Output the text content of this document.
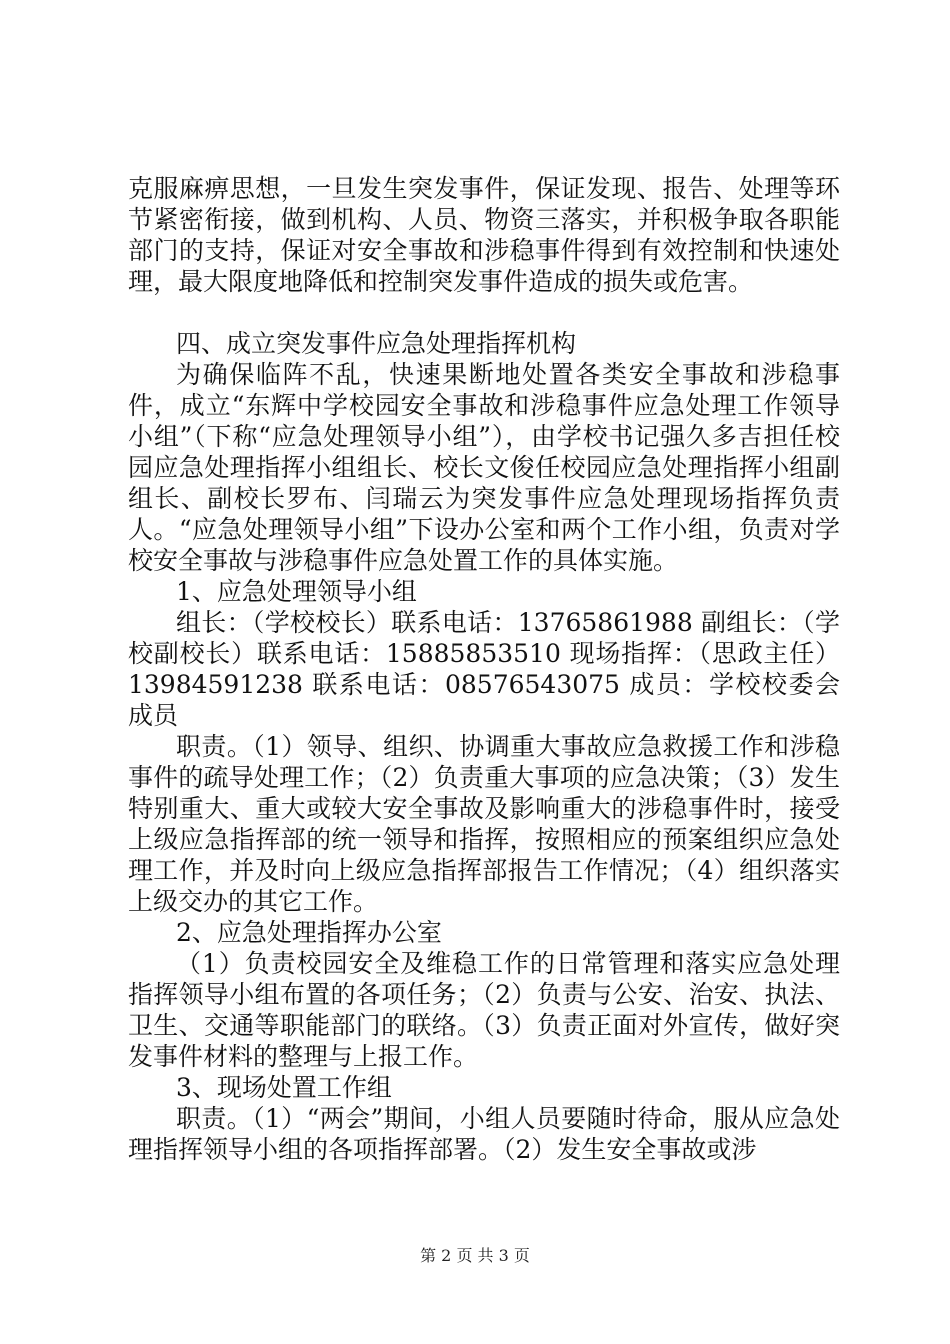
克服麻痹思想，一旦发生突发事件，保证发现、报告、处理等环节紧密衔接，做到机构、人员、物资三落实，并积极争取各职能部门的支持，保证对安全事故和涉稳事件得到有效控制和快速处理，最大限度地降低和控制突发事件造成的损失或危害。

四、成立突发事件应急处理指挥机构

为确保临阵不乱，快速果断地处置各类安全事故和涉稳事件，成立“东辉中学校园安全事故和涉稳事件应急处理工作领导小组”（下称“应急处理领导小组”），由学校书记强久多吉担任校园应急处理指挥小组组长、校长文俊任校园应急处理指挥小组副组长、副校长罗布、闫瑞云为突发事件应急处理现场指挥负责人。“应急处理领导小组”下设办公室和两个工作小组，负责对学校安全事故与涉稳事件应急处置工作的具体实施。

1、应急处理领导小组

组长：（学校校长）联系电话：13765861988 副组长：（学校副校长）联系电话：15885853510 现场指挥：（思政主任）13984591238 联系电话：08576543075 成员：学校校委会成员

职责。（1）领导、组织、协调重大事故应急救援工作和涉稳事件的疏导处理工作；（2）负责重大事项的应急决策；（3）发生特别重大、重大或较大安全事故及影响重大的涉稳事件时，接受上级应急指挥部的统一领导和指挥，按照相应的预案组织应急处理工作，并及时向上级应急指挥部报告工作情况；（4）组织落实上级交办的其它工作。

2、应急处理指挥办公室

（1）负责校园安全及维稳工作的日常管理和落实应急处理指挥领导小组布置的各项任务；（2）负责与公安、治安、执法、卫生、交通等职能部门的联络。（3）负责正面对外宣传，做好突发事件材料的整理与上报工作。

3、现场处置工作组

职责。（1）“两会”期间，小组人员要随时待命，服从应急处理指挥领导小组的各项指挥部署。（2）发生安全事故或涉

第 2 页 共 3 页
